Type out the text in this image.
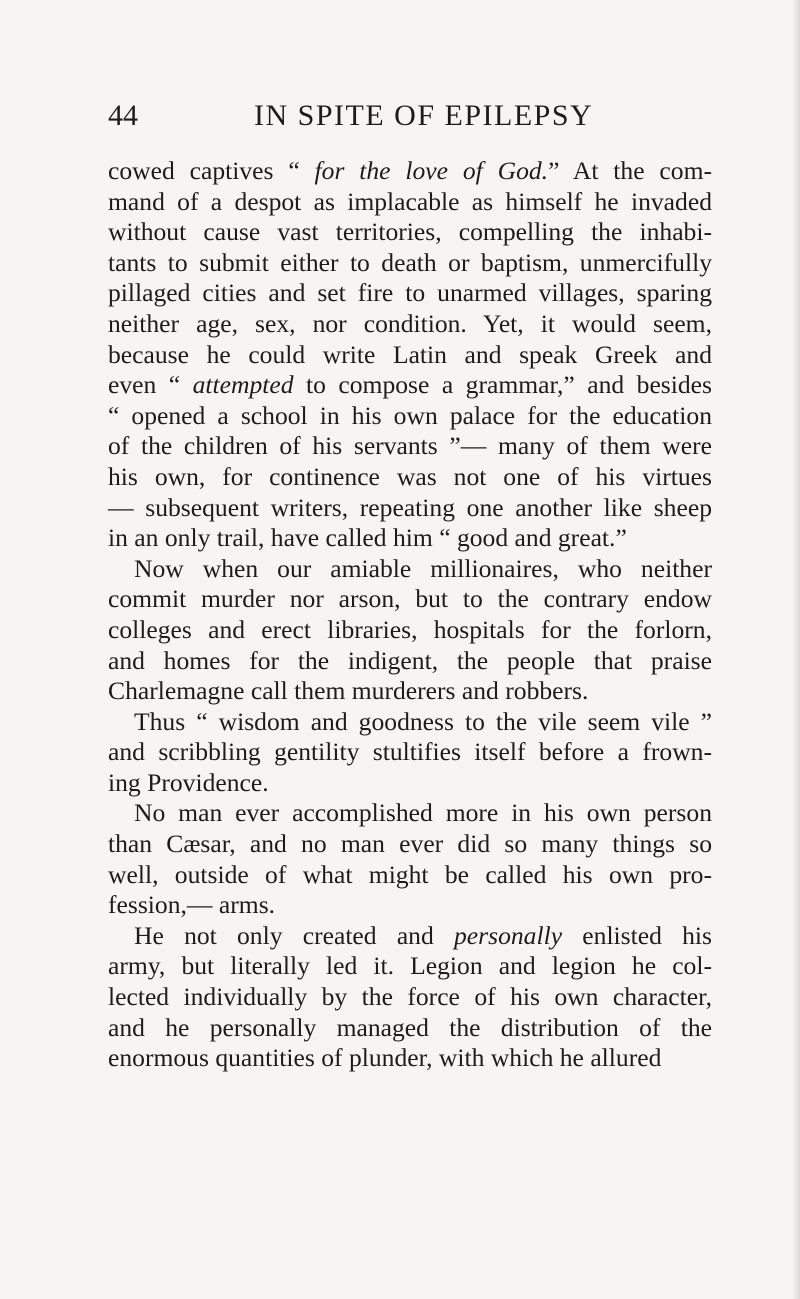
44	IN SPITE OF EPILEPSY
cowed captives “ for the love of God.” At the com-
mand of a despot as implacable as himself he invaded
without cause vast territories, compelling the inhabi-
tants to submit either to death or baptism, unmercifully
pillaged cities and set fire to unarmed villages, sparing
neither age, sex, nor condition. Yet, it would seem,
because he could write Latin and speak Greek and
even “ attempted to compose a grammar,” and besides
“ opened a school in his own palace for the education
of the children of his servants ”— many of them were
his own, for continence was not one of his virtues
— subsequent writers, repeating one another like sheep
in an only trail, have called him “ good and great.”
Now when our amiable millionaires, who neither
commit murder nor arson, but to the contrary endow
colleges and erect libraries, hospitals for the forlorn,
and homes for the indigent, the people that praise
Charlemagne call them murderers and robbers.
Thus “ wisdom and goodness to the vile seem vile ”
and scribbling gentility stultifies itself before a frown-
ing Providence.
No man ever accomplished more in his own person
than Cæsar, and no man ever did so many things so
well, outside of what might be called his own pro-
fession,— arms.
He not only created and personally enlisted his
army, but literally led it. Legion and legion he col-
lected individually by the force of his own character,
and he personally managed the distribution of the
enormous quantities of plunder, with which he allured
